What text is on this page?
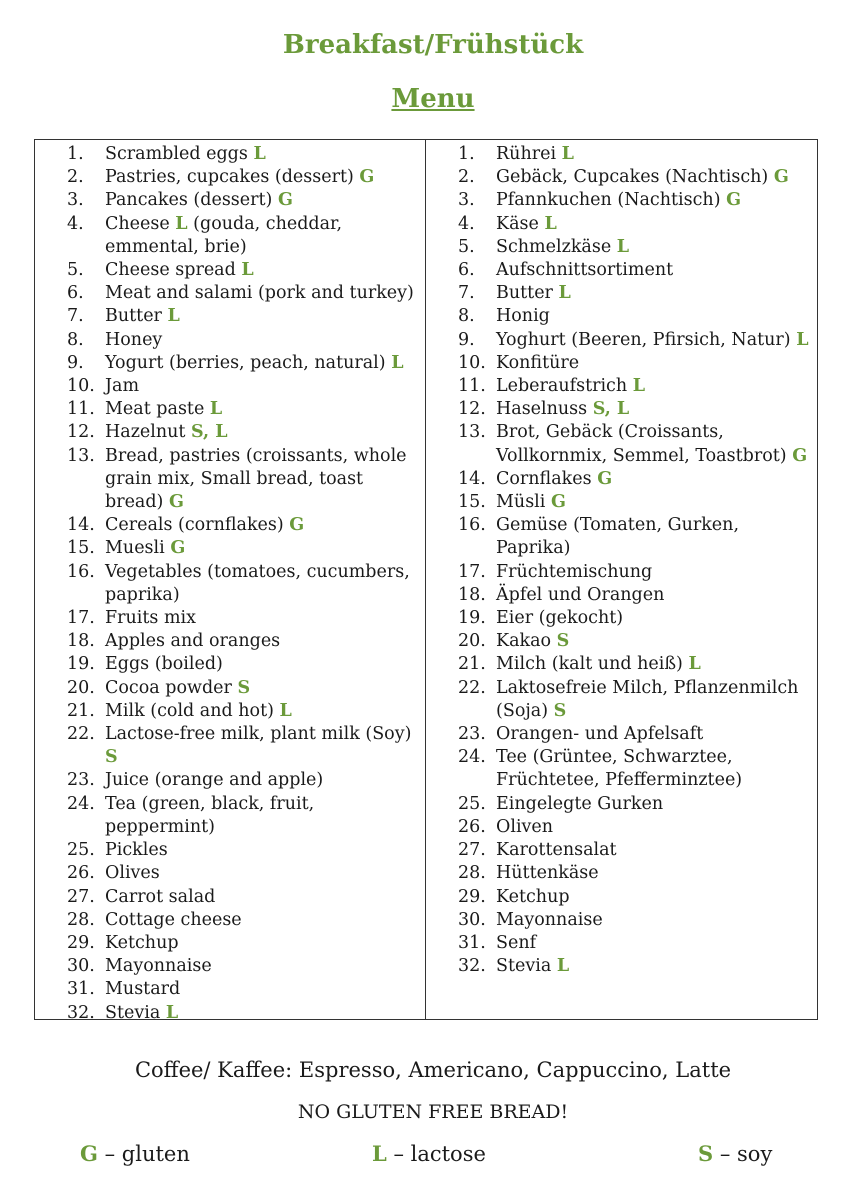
Breakfast/Frühstück
Menu
1.	Scrambled eggs L
2.	Pastries, cupcakes (dessert) G
3.	Pancakes (dessert) G
4.	Cheese L (gouda, cheddar, emmental, brie)
5.	Cheese spread L
6.	Meat and salami (pork and turkey)
7.	Butter L
8.	Honey
9.	Yogurt (berries, peach, natural) L
10. Jam
11. Meat paste L
12. Hazelnut S, L
13. Bread, pastries (croissants, whole grain mix, Small bread, toast bread) G
14. Cereals (cornflakes) G
15. Muesli G
16. Vegetables (tomatoes, cucumbers, paprika)
17. Fruits mix
18. Apples and oranges
19. Eggs (boiled)
20. Cocoa powder S
21. Milk (cold and hot) L
22. Lactose-free milk, plant milk (Soy) S
23. Juice (orange and apple)
24. Tea (green, black, fruit, peppermint)
25. Pickles
26. Olives
27. Carrot salad
28. Cottage cheese
29. Ketchup
30. Mayonnaise
31. Mustard
32. Stevia L
1.	Rührei L
2.	Gebäck, Cupcakes (Nachtisch) G
3.	Pfannkuchen (Nachtisch) G
4.	Käse L
5.	Schmelzkäse L
6.	Aufschnittsortiment
7.	Butter L
8.	Honig
9.	Yoghurt (Beeren, Pfirsich, Natur) L
10. Konfitüre
11. Leberaufstrich L
12. Haselnuss S, L
13. Brot, Gebäck (Croissants, Vollkornmix, Semmel, Toastbrot) G
14. Cornflakes G
15. Müsli G
16. Gemüse (Tomaten, Gurken, Paprika)
17. Früchtemischung
18. Äpfel und Orangen
19. Eier (gekocht)
20. Kakao S
21. Milch (kalt und heiß) L
22. Laktosefreie Milch, Pflanzenmilch (Soja) S
23. Orangen- und Apfelsaft
24. Tee (Grüntee, Schwarztee, Früchtetee, Pfefferminztee)
25. Eingelegte Gurken
26. Oliven
27. Karottensalat
28. Hüttenkäse
29. Ketchup
30. Mayonnaise
31. Senf
32. Stevia L

Coffee/ Kaffee: Espresso, Americano, Cappuccino, Latte

NO GLUTEN FREE BREAD!

G – gluten	L – lactose	S – soy
